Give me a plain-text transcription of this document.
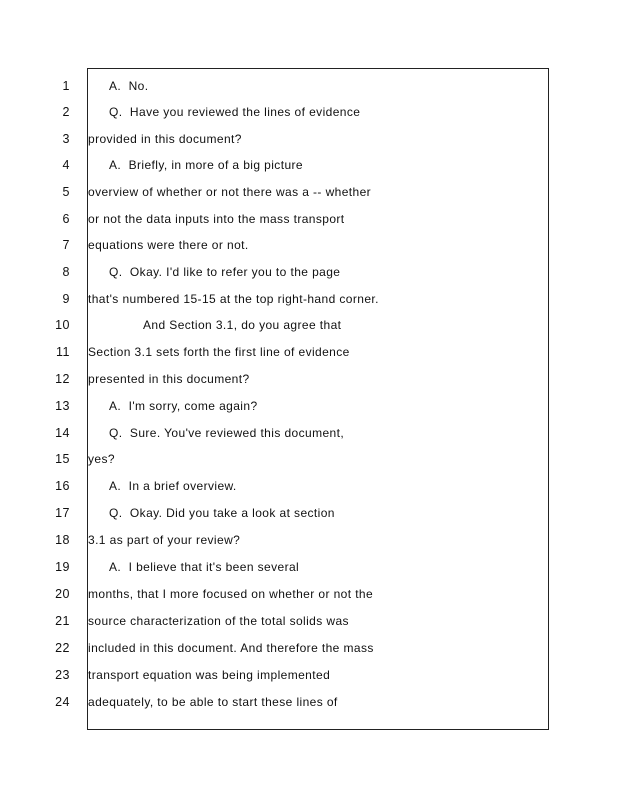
1	A.  No.
2	Q.  Have you reviewed the lines of evidence
3 provided in this document?
4	A.  Briefly, in more of a big picture
5 overview of whether or not there was a -- whether
6 or not the data inputs into the mass transport
7 equations were there or not.
8	Q.  Okay. I'd like to refer you to the page
9 that's numbered 15-15 at the top right-hand corner.
10	And Section 3.1, do you agree that
11 Section 3.1 sets forth the first line of evidence
12 presented in this document?
13	A.  I'm sorry, come again?
14	Q.  Sure. You've reviewed this document,
15 yes?
16	A.  In a brief overview.
17	Q.  Okay. Did you take a look at section
18 3.1 as part of your review?
19	A.  I believe that it's been several
20 months, that I more focused on whether or not the
21 source characterization of the total solids was
22 included in this document. And therefore the mass
23 transport equation was being implemented
24 adequately, to be able to start these lines of
